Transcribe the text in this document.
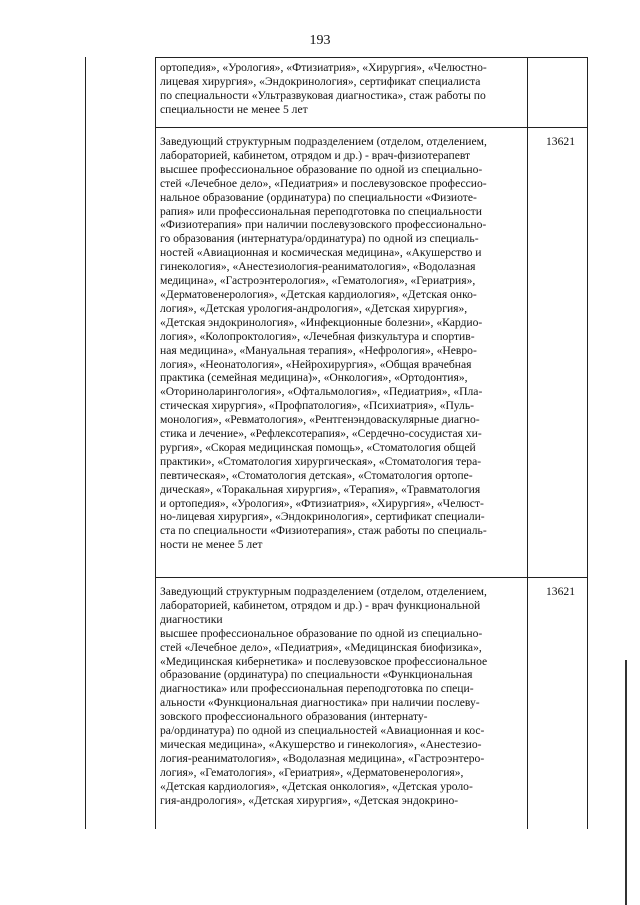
193
ортопедия», «Урология», «Фтизиатрия», «Хирургия», «Челюстно-
лицевая хирургия», «Эндокринология», сертификат специалиста
по специальности «Ультразвуковая диагностика», стаж работы по
специальности не менее 5 лет
Заведующий структурным подразделением (отделом, отделением,
лабораторией, кабинетом, отрядом и др.) - врач-физиотерапевт
высшее профессиональное образование по одной из специально-
стей «Лечебное дело», «Педиатрия» и послевузовское профессио-
нальное образование (ординатура) по специальности «Физиоте-
рапия» или профессиональная переподготовка по специальности
«Физиотерапия» при наличии послевузовского профессионально-
го образования (интернатура/ординатура) по одной из специаль-
ностей «Авиационная и космическая медицина», «Акушерство и
гинекология», «Анестезиология-реаниматология», «Водолазная
медицина», «Гастроэнтерология», «Гематология», «Гериатрия»,
«Дерматовенерология», «Детская кардиология», «Детская онко-
логия», «Детская урология-андрология», «Детская хирургия»,
«Детская эндокринология», «Инфекционные болезни», «Кардио-
логия», «Колопроктология», «Лечебная физкультура и спортив-
ная медицина», «Мануальная терапия», «Нефрология», «Невро-
логия», «Неонатология», «Нейрохирургия», «Общая врачебная
практика (семейная медицина)», «Онкология», «Ортодонтия»,
«Оториноларингология», «Офтальмология», «Педиатрия», «Пла-
стическая хирургия», «Профпатология», «Психиатрия», «Пуль-
монология», «Ревматология», «Рентгенэндоваскулярные диагно-
стика и лечение», «Рефлексотерапия», «Сердечно-сосудистая хи-
рургия», «Скорая медицинская помощь», «Стоматология общей
практики», «Стоматология хирургическая», «Стоматология тера-
певтическая», «Стоматология детская», «Стоматология ортопе-
дическая», «Торакальная хирургия», «Терапия», «Травматология
и ортопедия», «Урология», «Фтизиатрия», «Хирургия», «Челюст-
но-лицевая хирургия», «Эндокринология», сертификат специали-
ста по специальности «Физиотерапия», стаж работы по специаль-
ности не менее 5 лет
13621
Заведующий структурным подразделением (отделом, отделением,
лабораторией, кабинетом, отрядом и др.) - врач функциональной
диагностики
высшее профессиональное образование по одной из специально-
стей «Лечебное дело», «Педиатрия», «Медицинская биофизика»,
«Медицинская кибернетика» и послевузовское профессиональное
образование (ординатура) по специальности «Функциональная
диагностика» или профессиональная переподготовка по специ-
альности «Функциональная диагностика» при наличии послеву-
зовского профессионального образования (интернату-
ра/ординатура) по одной из специальностей «Авиационная и кос-
мическая медицина», «Акушерство и гинекология», «Анестезио-
логия-реаниматология», «Водолазная медицина», «Гастроэнтеро-
логия», «Гематология», «Гериатрия», «Дерматовенерология»,
«Детская кардиология», «Детская онкология», «Детская уроло-
гия-андрология», «Детская хирургия», «Детская эндокрино-
13621
